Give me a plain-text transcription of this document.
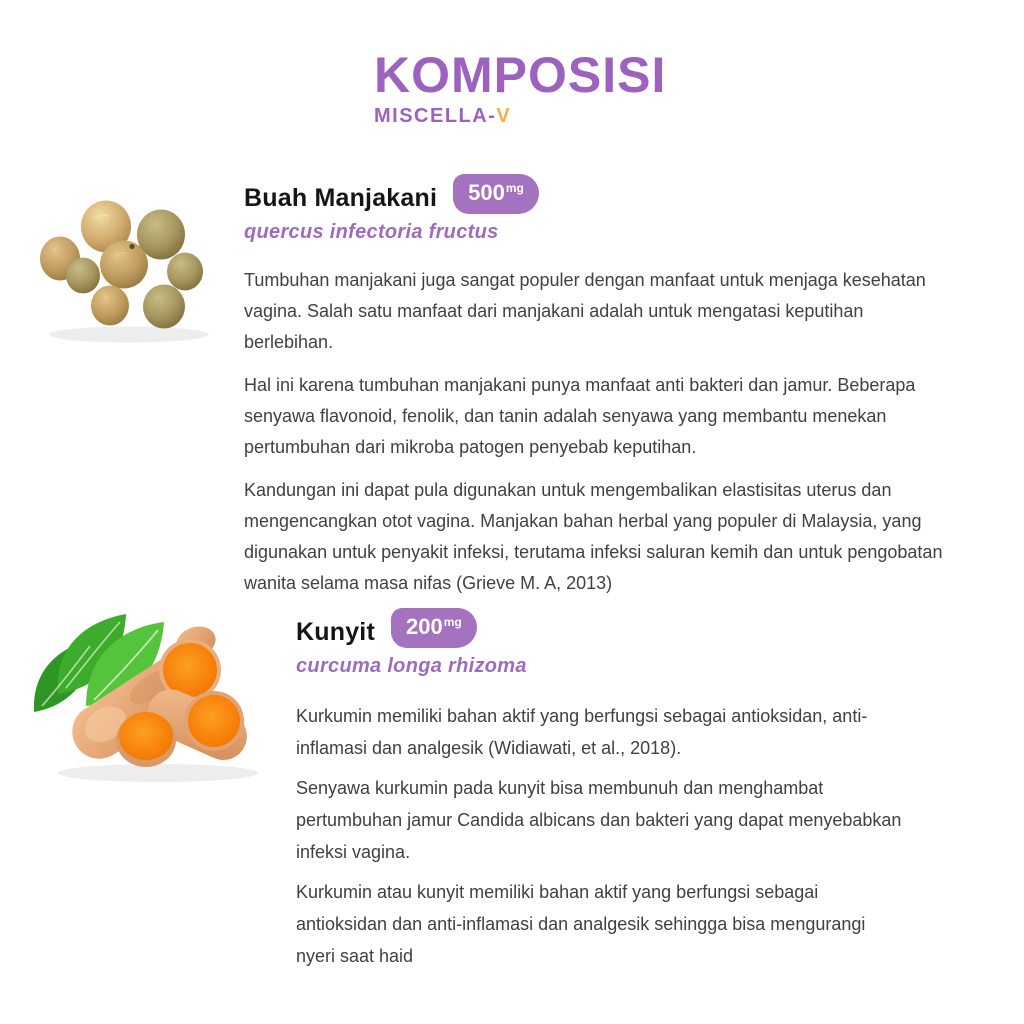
KOMPOSISI
MISCELLA-V
Buah Manjakani	$500^{mg}$
quercus infectoria fructus

Tumbuhan manjakani juga sangat populer dengan manfaat untuk menjaga kesehatan vagina. Salah satu manfaat dari manjakani adalah untuk mengatasi keputihan berlebihan.

Hal ini karena tumbuhan manjakani punya manfaat anti bakteri dan jamur. Beberapa senyawa flavonoid, fenolik, dan tanin adalah senyawa yang membantu menekan pertumbuhan dari mikroba patogen penyebab keputihan.

Kandungan ini dapat pula digunakan untuk mengembalikan elastisitas uterus dan mengencangkan otot vagina. Manjakan bahan herbal yang populer di Malaysia, yang digunakan untuk penyakit infeksi, terutama infeksi saluran kemih dan untuk pengobatan wanita selama masa nifas (Grieve M. A, 2013)

Kunyit	$200^{mg}$
curcuma longa rhizoma

Kurkumin memiliki bahan aktif yang berfungsi sebagai antioksidan, anti-inflamasi dan analgesik (Widiawati, et al., 2018).

Senyawa kurkumin pada kunyit bisa membunuh dan menghambat pertumbuhan jamur Candida albicans dan bakteri yang dapat menyebabkan infeksi vagina.

Kurkumin atau kunyit memiliki bahan aktif yang berfungsi sebagai antioksidan dan anti-inflamasi dan analgesik sehingga bisa mengurangi nyeri saat haid
